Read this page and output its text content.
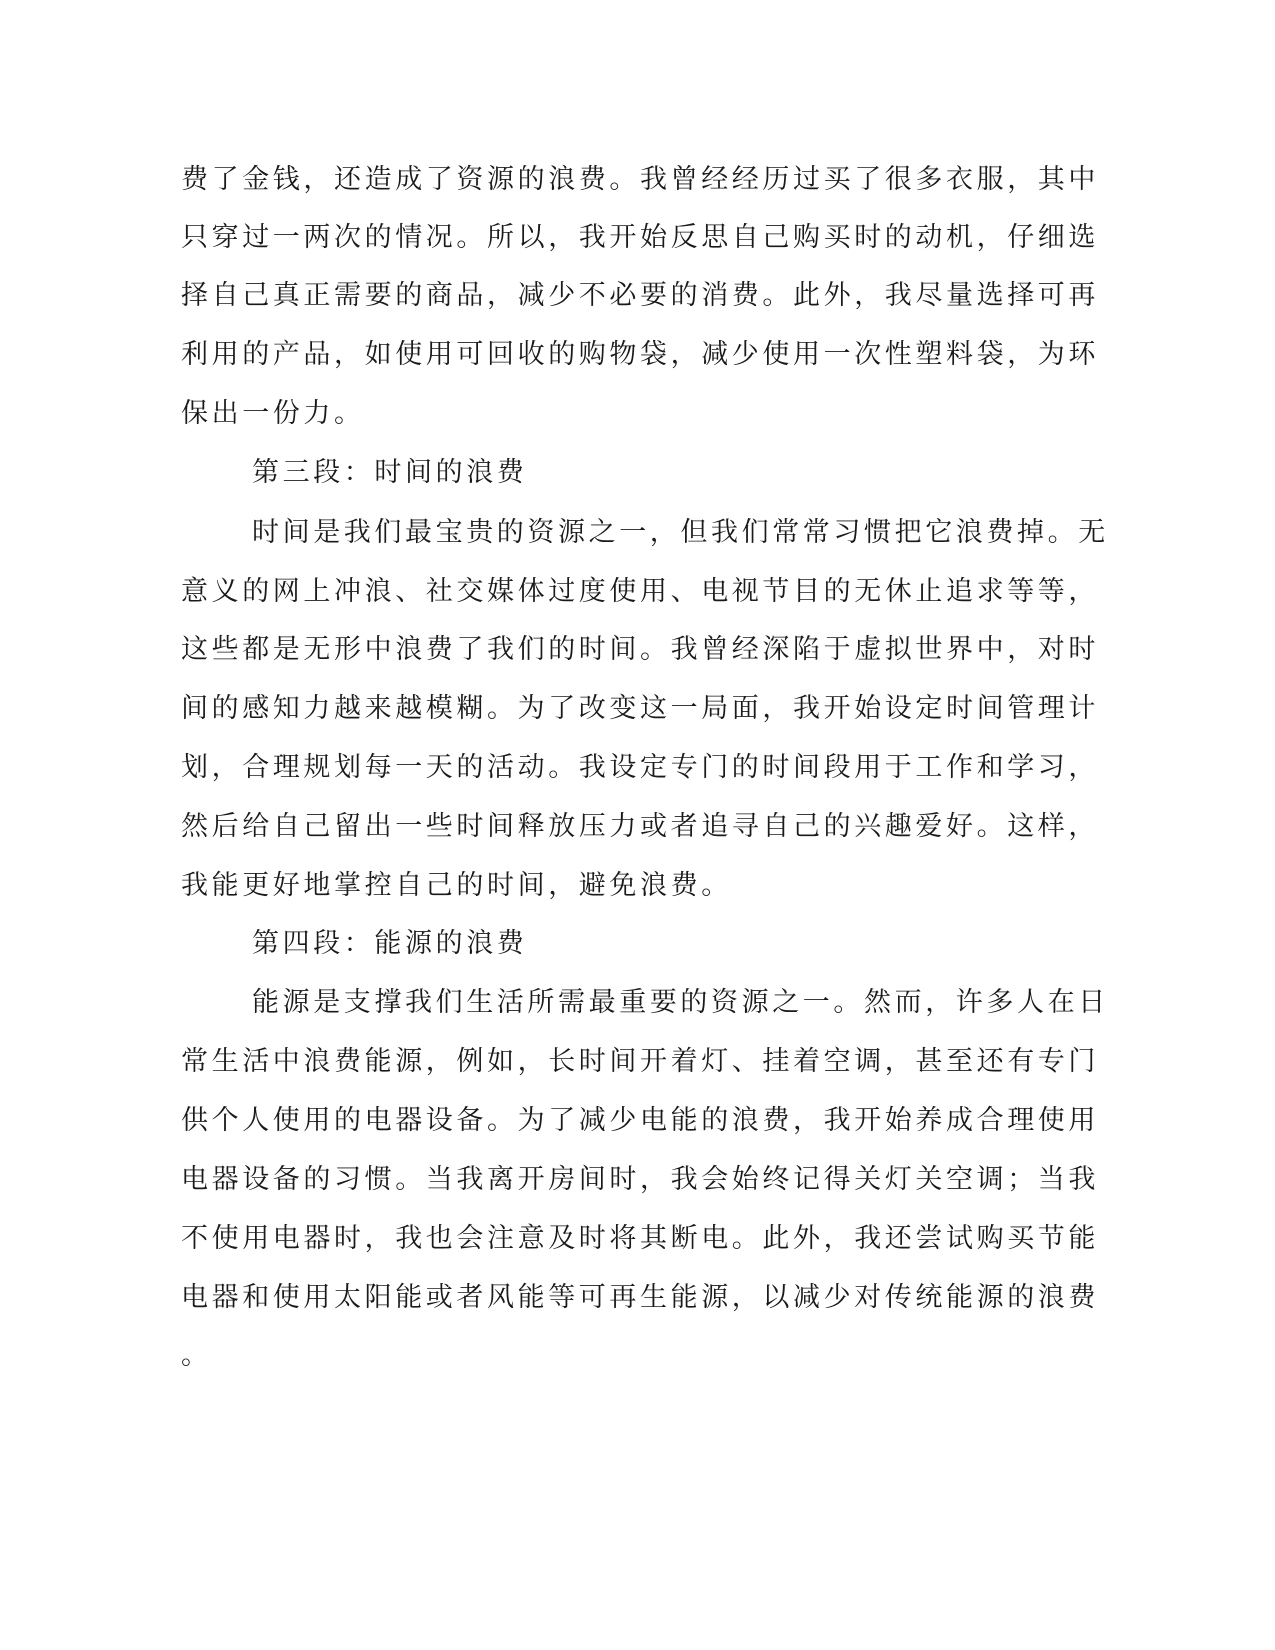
费了金钱，还造成了资源的浪费。我曾经经历过买了很多衣服，其中
只穿过一两次的情况。所以，我开始反思自己购买时的动机，仔细选
择自己真正需要的商品，减少不必要的消费。此外，我尽量选择可再
利用的产品，如使用可回收的购物袋，减少使用一次性塑料袋，为环
保出一份力。
第三段：时间的浪费
时间是我们最宝贵的资源之一，但我们常常习惯把它浪费掉。无
意义的网上冲浪、社交媒体过度使用、电视节目的无休止追求等等，
这些都是无形中浪费了我们的时间。我曾经深陷于虚拟世界中，对时
间的感知力越来越模糊。为了改变这一局面，我开始设定时间管理计
划，合理规划每一天的活动。我设定专门的时间段用于工作和学习，
然后给自己留出一些时间释放压力或者追寻自己的兴趣爱好。这样，
我能更好地掌控自己的时间，避免浪费。
第四段：能源的浪费
能源是支撑我们生活所需最重要的资源之一。然而，许多人在日
常生活中浪费能源，例如，长时间开着灯、挂着空调，甚至还有专门
供个人使用的电器设备。为了减少电能的浪费，我开始养成合理使用
电器设备的习惯。当我离开房间时，我会始终记得关灯关空调；当我
不使用电器时，我也会注意及时将其断电。此外，我还尝试购买节能
电器和使用太阳能或者风能等可再生能源，以减少对传统能源的浪费
。
